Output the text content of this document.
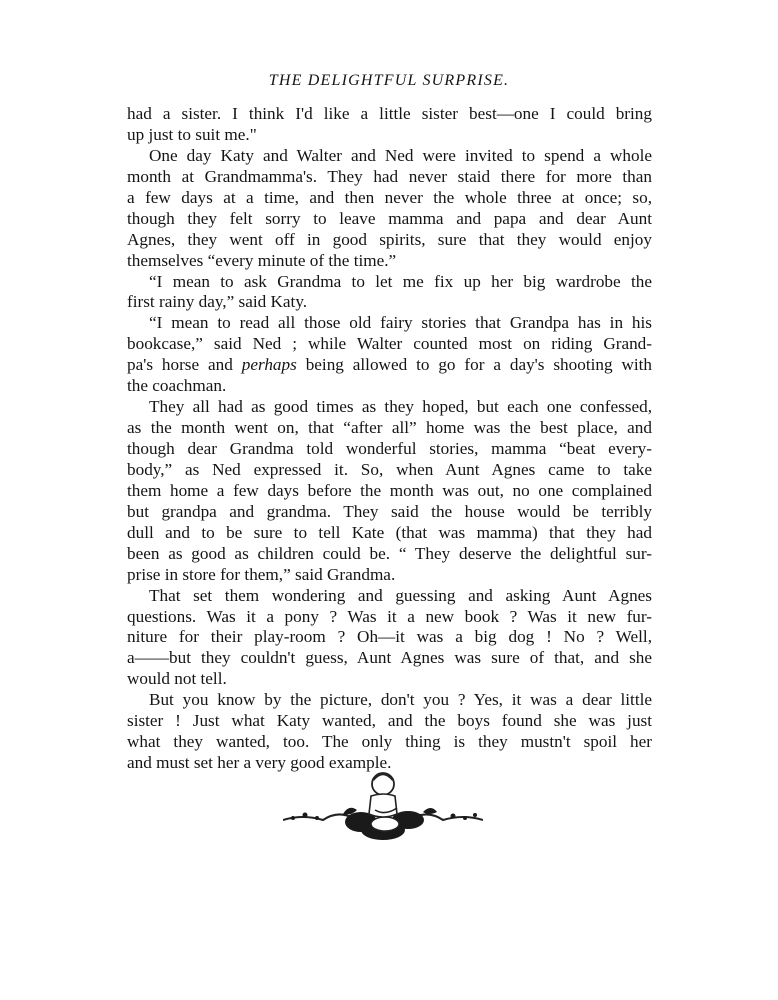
THE DELIGHTFUL SURPRISE.
had a sister. I think I'd like a little sister best—one I could bring
up just to suit me."
One day Katy and Walter and Ned were invited to spend a whole
month at Grandmamma's. They had never staid there for more than
a few days at a time, and then never the whole three at once; so,
though they felt sorry to leave mamma and papa and dear Aunt
Agnes, they went off in good spirits, sure that they would enjoy
themselves “every minute of the time.”
“I mean to ask Grandma to let me fix up her big wardrobe the
first rainy day,” said Katy.
“I mean to read all those old fairy stories that Grandpa has in his
bookcase,” said Ned ; while Walter counted most on riding Grand-
pa's horse and perhaps being allowed to go for a day's shooting with
the coachman.
They all had as good times as they hoped, but each one confessed,
as the month went on, that “after all” home was the best place, and
though dear Grandma told wonderful stories, mamma “beat every-
body,” as Ned expressed it. So, when Aunt Agnes came to take
them home a few days before the month was out, no one complained
but grandpa and grandma. They said the house would be terribly
dull and to be sure to tell Kate (that was mamma) that they had
been as good as children could be. “ They deserve the delightful sur-
prise in store for them,” said Grandma.
That set them wondering and guessing and asking Aunt Agnes
questions. Was it a pony ? Was it a new book ? Was it new fur-
niture for their play-room ? Oh—it was a big dog ! No ? Well,
a——but they couldn't guess, Aunt Agnes was sure of that, and she
would not tell.
But you know by the picture, don't you ? Yes, it was a dear little
sister ! Just what Katy wanted, and the boys found she was just
what they wanted, too. The only thing is they mustn't spoil her
and must set her a very good example.
